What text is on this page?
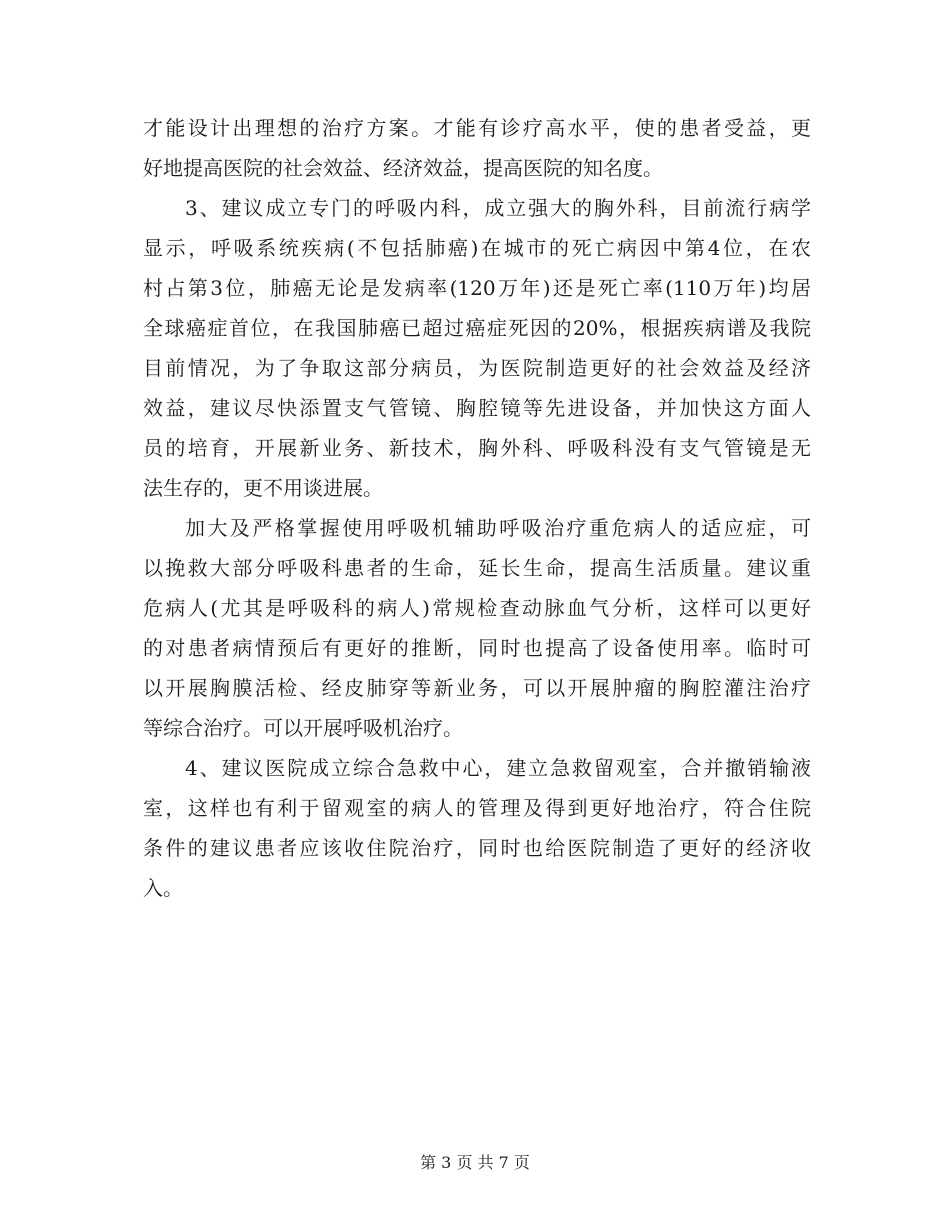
才能设计出理想的治疗方案。才能有诊疗高水平，使的患者受益，更
好地提高医院的社会效益、经济效益，提高医院的知名度。
3、建议成立专门的呼吸内科，成立强大的胸外科，目前流行病学
显示，呼吸系统疾病(不包括肺癌)在城市的死亡病因中第4位，在农
村占第3位，肺癌无论是发病率(120万年)还是死亡率(110万年)均居
全球癌症首位，在我国肺癌已超过癌症死因的20%，根据疾病谱及我院
目前情况，为了争取这部分病员，为医院制造更好的社会效益及经济
效益，建议尽快添置支气管镜、胸腔镜等先进设备，并加快这方面人
员的培育，开展新业务、新技术，胸外科、呼吸科没有支气管镜是无
法生存的，更不用谈进展。
加大及严格掌握使用呼吸机辅助呼吸治疗重危病人的适应症，可
以挽救大部分呼吸科患者的生命，延长生命，提高生活质量。建议重
危病人(尤其是呼吸科的病人)常规检查动脉血气分析，这样可以更好
的对患者病情预后有更好的推断，同时也提高了设备使用率。临时可
以开展胸膜活检、经皮肺穿等新业务，可以开展肿瘤的胸腔灌注治疗
等综合治疗。可以开展呼吸机治疗。
4、建议医院成立综合急救中心，建立急救留观室，合并撤销输液
室，这样也有利于留观室的病人的管理及得到更好地治疗，符合住院
条件的建议患者应该收住院治疗，同时也给医院制造了更好的经济收
入。
第 3 页 共 7 页
